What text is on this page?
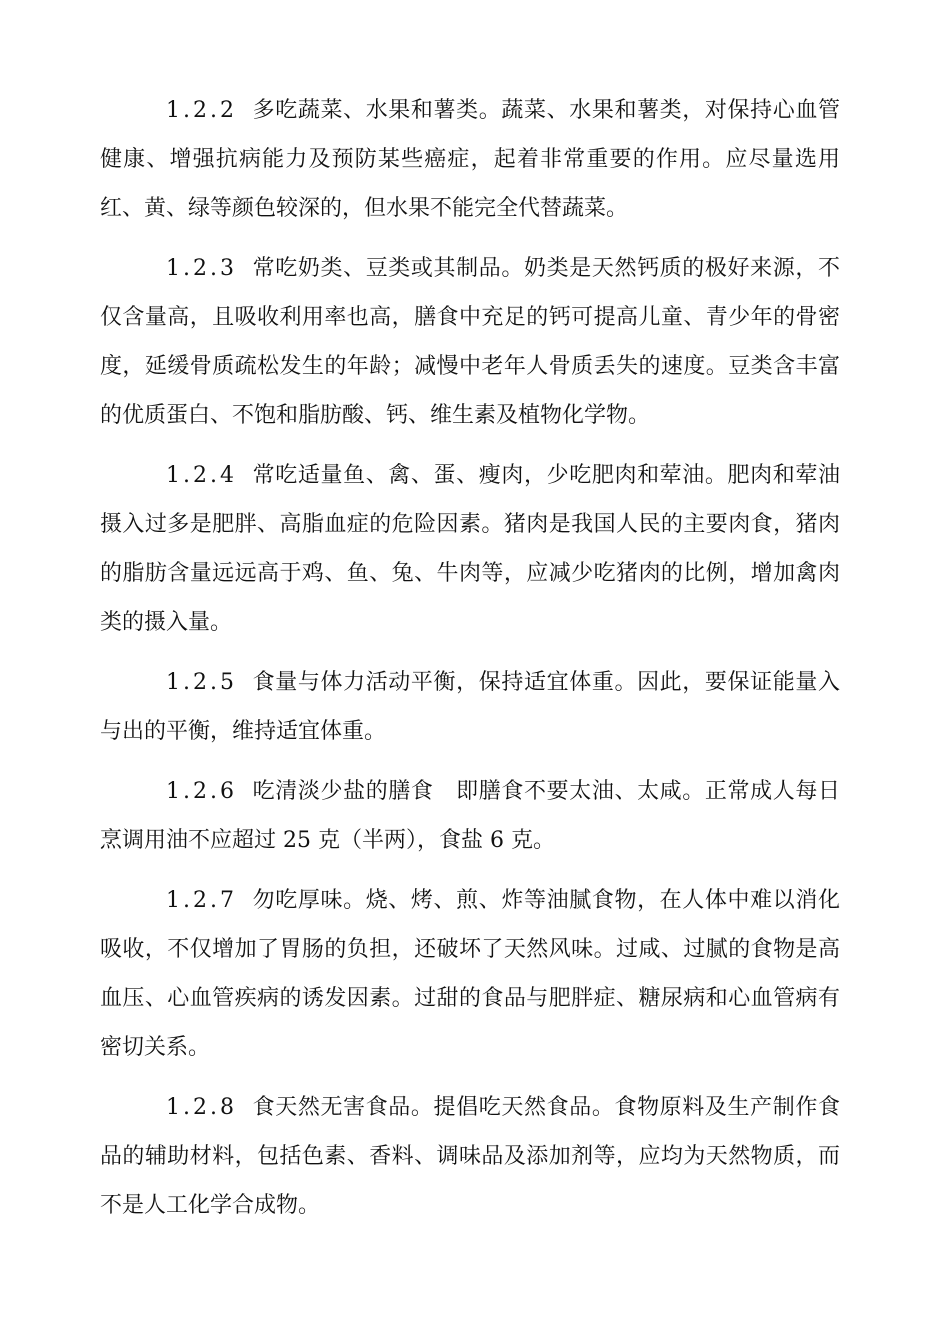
1.2.2 多吃蔬菜、水果和薯类。蔬菜、水果和薯类，对保持心血管健康、增强抗病能力及预防某些癌症，起着非常重要的作用。应尽量选用红、黄、绿等颜色较深的，但水果不能完全代替蔬菜。

1.2.3 常吃奶类、豆类或其制品。奶类是天然钙质的极好来源，不仅含量高，且吸收利用率也高，膳食中充足的钙可提高儿童、青少年的骨密度，延缓骨质疏松发生的年龄；减慢中老年人骨质丢失的速度。豆类含丰富的优质蛋白、不饱和脂肪酸、钙、维生素及植物化学物。

1.2.4 常吃适量鱼、禽、蛋、瘦肉，少吃肥肉和荤油。肥肉和荤油摄入过多是肥胖、高脂血症的危险因素。猪肉是我国人民的主要肉食，猪肉的脂肪含量远远高于鸡、鱼、兔、牛肉等，应减少吃猪肉的比例，增加禽肉类的摄入量。

1.2.5 食量与体力活动平衡，保持适宜体重。因此，要保证能量入与出的平衡，维持适宜体重。

1.2.6 吃清淡少盐的膳食　即膳食不要太油、太咸。正常成人每日烹调用油不应超过 25 克（半两），食盐 6 克。

1.2.7 勿吃厚味。烧、烤、煎、炸等油腻食物，在人体中难以消化吸收，不仅增加了胃肠的负担，还破坏了天然风味。过咸、过腻的食物是高血压、心血管疾病的诱发因素。过甜的食品与肥胖症、糖尿病和心血管病有密切关系。

1.2.8 食天然无害食品。提倡吃天然食品。食物原料及生产制作食品的辅助材料，包括色素、香料、调味品及添加剂等，应均为天然物质，而不是人工化学合成物。
